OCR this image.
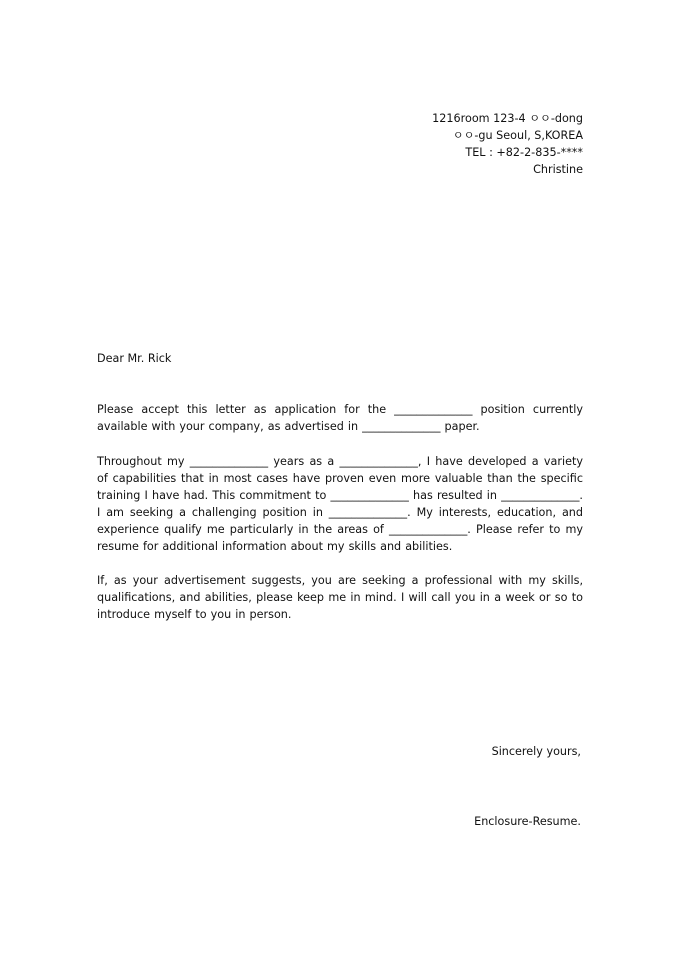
1216room 123-4 ㅇㅇ-dong
ㅇㅇ-gu Seoul, S,KOREA
TEL : +82-2-835-****
Christine
Dear Mr. Rick
Please accept this letter as application for the ______________ position currently available with your company, as advertised in ______________ paper.
Throughout my ______________ years as a ______________, I have developed a variety of capabilities that in most cases have proven even more valuable than the specific training I have had. This commitment to ______________ has resulted in ______________. I am seeking a challenging position in ______________. My interests, education, and experience qualify me particularly in the areas of ______________. Please refer to my resume for additional information about my skills and abilities.
If, as your advertisement suggests, you are seeking a professional with my skills, qualifications, and abilities, please keep me in mind. I will call you in a week or so to introduce myself to you in person.
Sincerely yours,
Enclosure-Resume.
